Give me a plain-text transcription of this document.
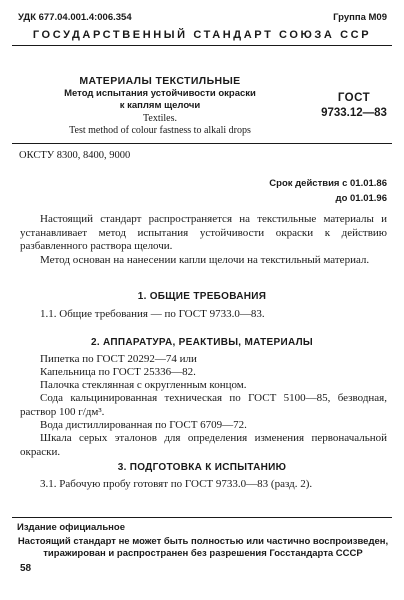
УДК 677.04.001.4:006.354	Группа М09
ГОСУДАРСТВЕННЫЙ СТАНДАРТ СОЮЗА ССР
МАТЕРИАЛЫ ТЕКСТИЛЬНЫЕ
Метод испытания устойчивости окраски
к каплям щелочи
Textiles.
Test method of colour fastness to alkali drops
ГОСТ
9733.12—83
ОКСТУ 8300, 8400, 9000
Срок действия с 01.01.86
до 01.01.96
Настоящий стандарт распространяется на текстильные материалы и устанавливает метод испытания устойчивости окраски к действию разбавленного раствора щелочи.
Метод основан на нанесении капли щелочи на текстильный материал.
1. ОБЩИЕ ТРЕБОВАНИЯ
1.1. Общие требования — по ГОСТ 9733.0—83.
2. АППАРАТУРА, РЕАКТИВЫ, МАТЕРИАЛЫ
Пипетка по ГОСТ 20292—74 или
Капельница по ГОСТ 25336—82.
Палочка стеклянная с округленным концом.
Сода кальцинированная техническая по ГОСТ 5100—85, безводная, раствор 100 г/дм³.
Вода дистиллированная по ГОСТ 6709—72.
Шкала серых эталонов для определения изменения первоначальной окраски.
3. ПОДГОТОВКА К ИСПЫТАНИЮ
3.1. Рабочую пробу готовят по ГОСТ 9733.0—83 (разд. 2).
Издание официальное
Настоящий стандарт не может быть полностью или частично воспроизведен, тиражирован и распространен без разрешения Госстандарта СССР
58
